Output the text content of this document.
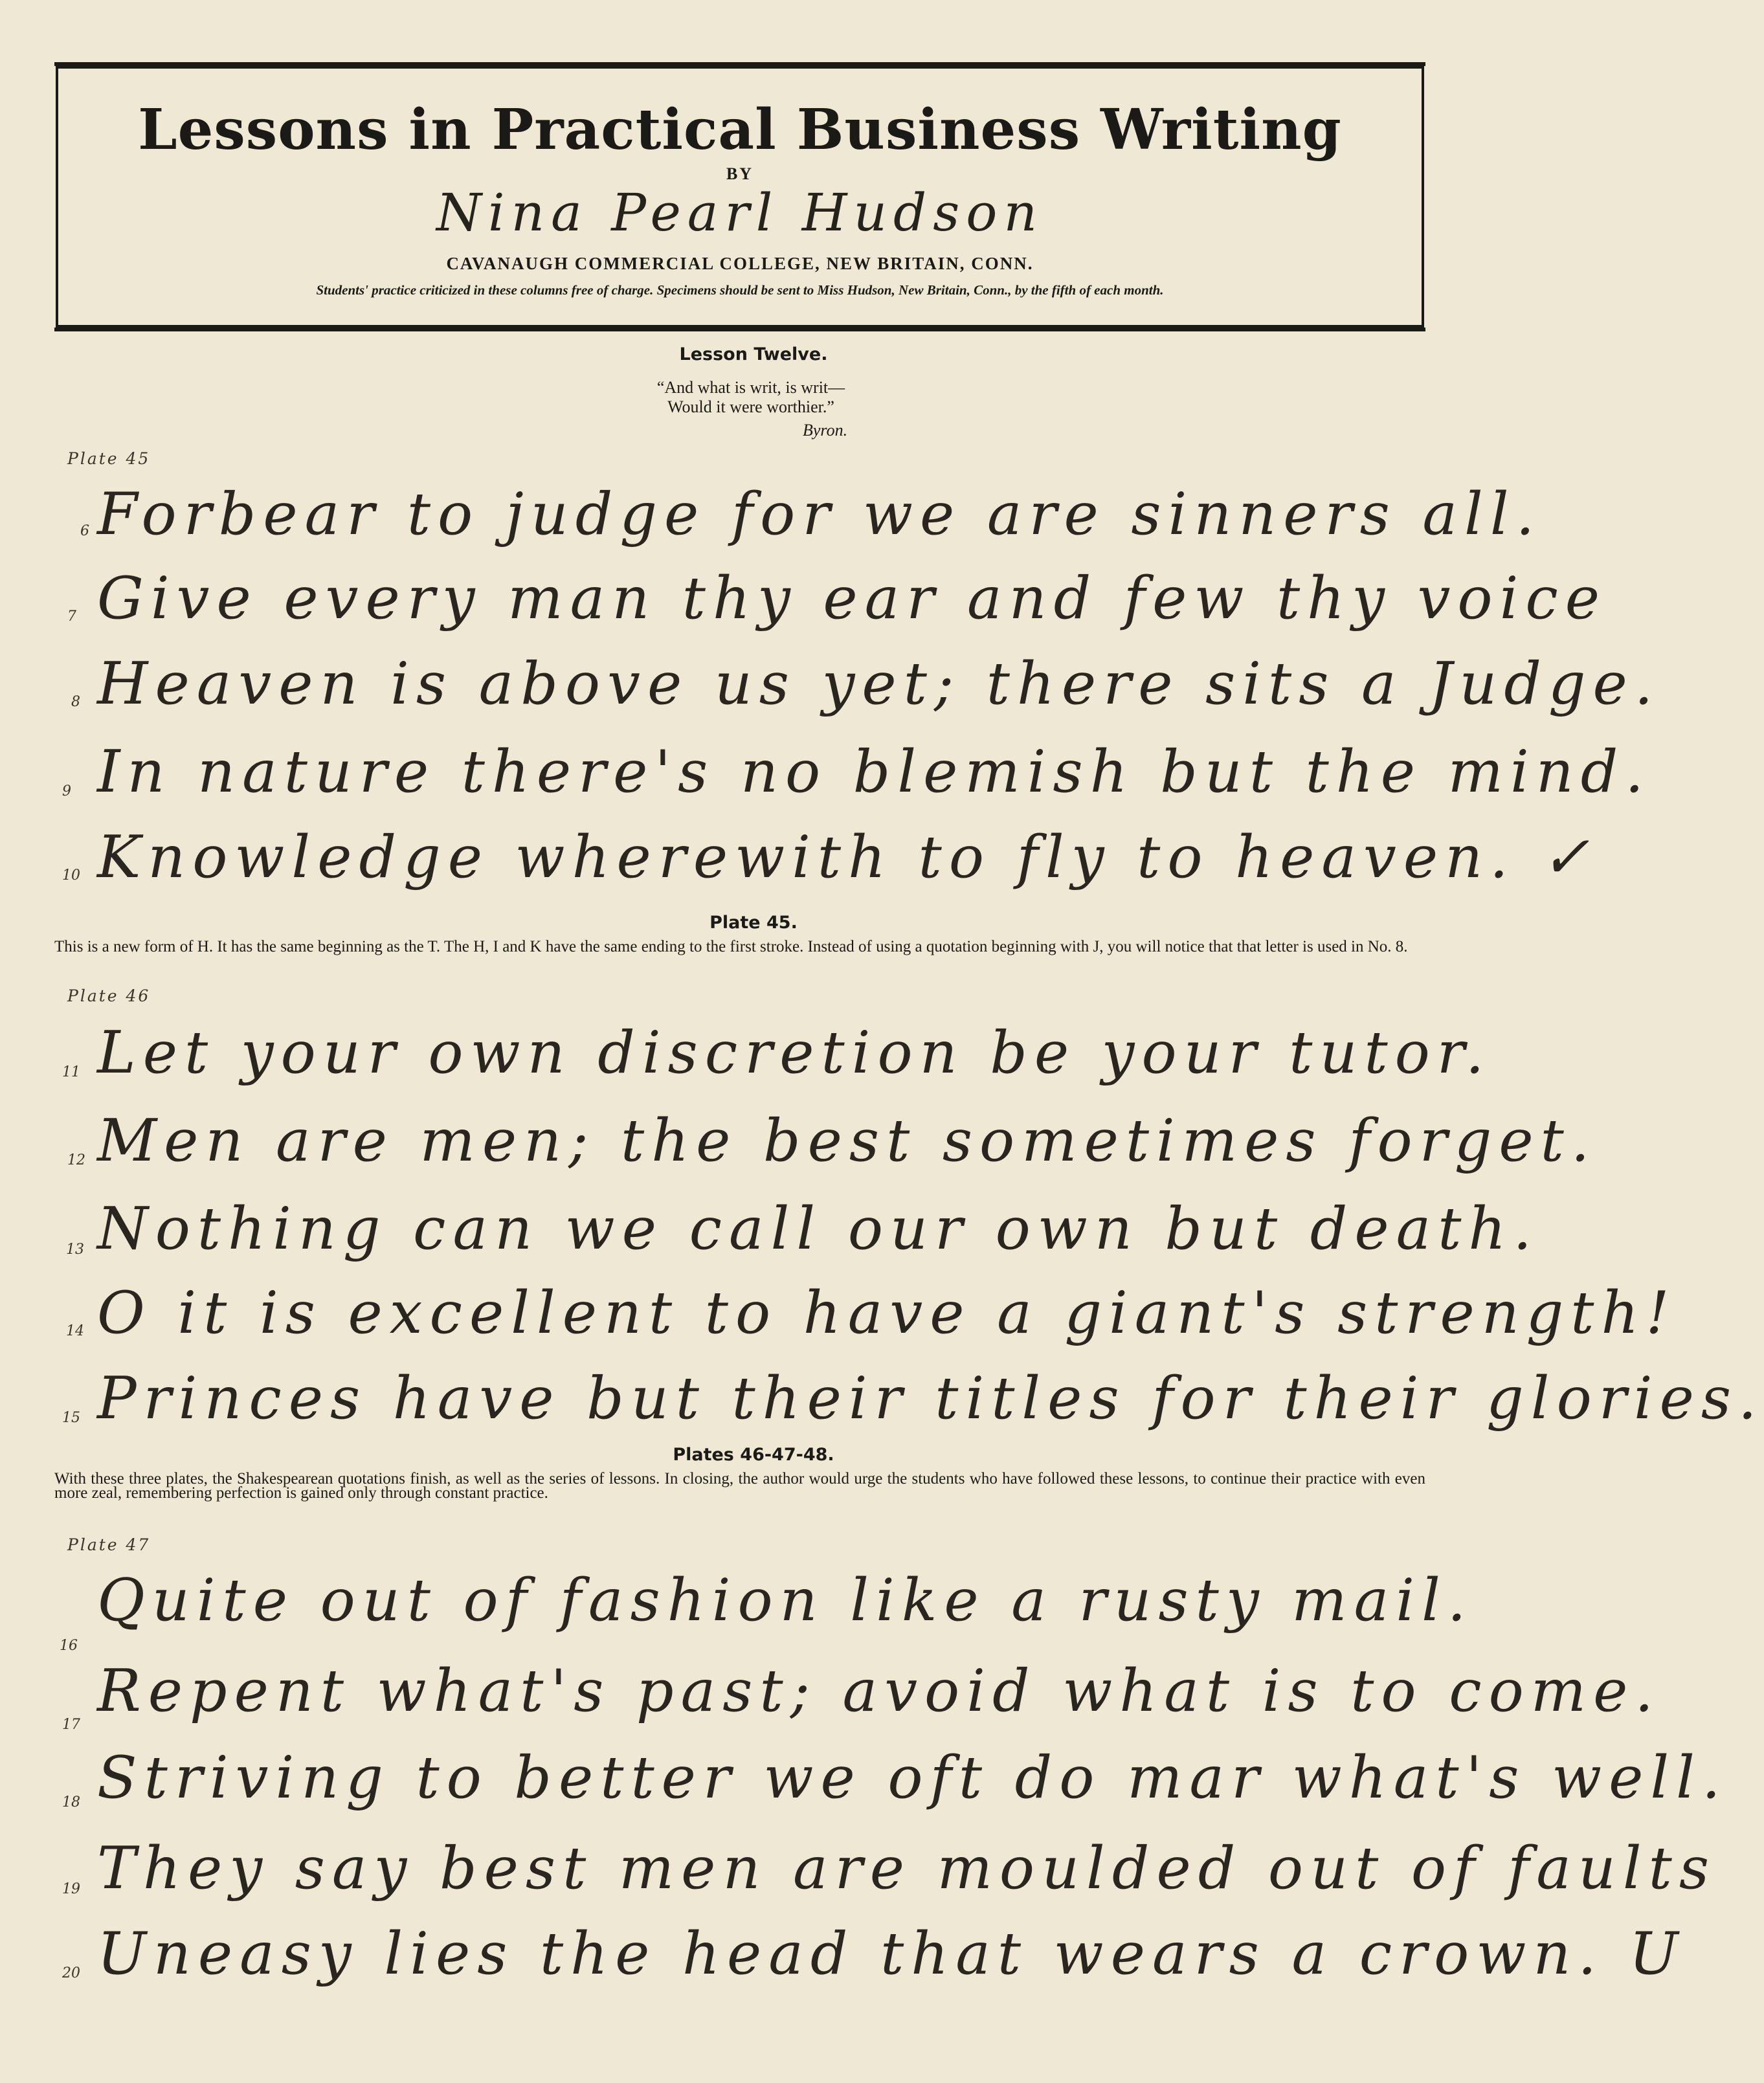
Lessons in Practical Business Writing
BY
Nina Pearl Hudson
CAVANAUGH COMMERCIAL COLLEGE, NEW BRITAIN, CONN.
Students' practice criticized in these columns free of charge. Specimens should be sent to Miss Hudson, New Britain, Conn., by the fifth of each month.
Lesson Twelve.
“And what is writ, is writ—
Would it were worthier.”
Byron.
Plate 45
6 Forbear to judge for we are sinners all.
7 Give every man thy ear and few thy voice
8 Heaven is above us yet; there sits a Judge.
9 In nature there's no blemish but the mind.
10 Knowledge wherewith to fly to heaven. ✓
Plate 45.
This is a new form of H. It has the same beginning as the T. The H, I and K have the same ending to the first stroke. Instead of using a quotation beginning with J, you will notice that that letter is used in No. 8.
Plate 46
11 Let your own discretion be your tutor.
12 Men are men; the best sometimes forget.
13 Nothing can we call our own but death.
14 O it is excellent to have a giant's strength!
15 Princes have but their titles for their glories.
Plates 46-47-48.
With these three plates, the Shakespearean quotations finish, as well as the series of lessons. In closing, the author would urge the students who have followed these lessons, to continue their practice with even more zeal, remembering perfection is gained only through constant practice.
Plate 47
16
Quite out of fashion like a rusty mail.
17 Repent what's past; avoid what is to come.
18 Striving to better we oft do mar what's well.
19 They say best men are moulded out of faults
20 Uneasy lies the head that wears a crown. U
